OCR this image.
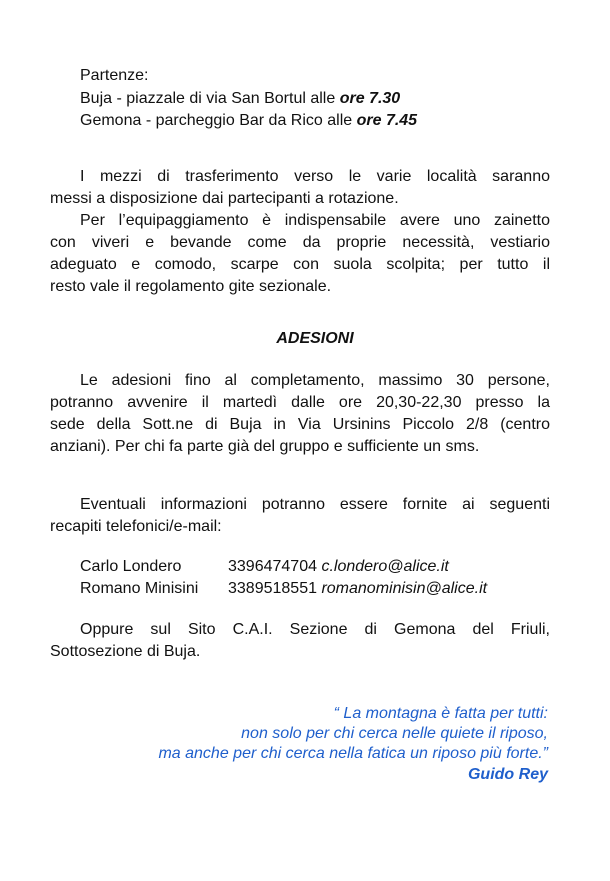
Partenze:
Buja - piazzale di via San Bortul alle ore 7.30
Gemona - parcheggio Bar da Rico alle ore 7.45
I mezzi di trasferimento verso le varie località saranno
messi a disposizione dai partecipanti a rotazione.
Per l’equipaggiamento è indispensabile avere uno zainetto
con viveri e bevande come da proprie necessità, vestiario
adeguato e comodo, scarpe con suola scolpita; per tutto il
resto vale il regolamento gite sezionale.
ADESIONI
Le adesioni fino al completamento, massimo 30 persone,
potranno avvenire il martedì dalle ore 20,30-22,30 presso la
sede della Sott.ne di Buja in Via Ursinins Piccolo 2/8 (centro
anziani). Per chi fa parte già del gruppo e sufficiente un sms.
Eventuali informazioni potranno essere fornite ai seguenti
recapiti telefonici/e-mail:
Carlo Londero	3396474704 c.londero@alice.it
Romano Minisini 3389518551 romanominisin@alice.it
Oppure sul Sito C.A.I. Sezione di Gemona del Friuli,
Sottosezione di Buja.
“ La montagna è fatta per tutti:
non solo per chi cerca nelle quiete il riposo,
ma anche per chi cerca nella fatica un riposo più forte.”
Guido Rey
